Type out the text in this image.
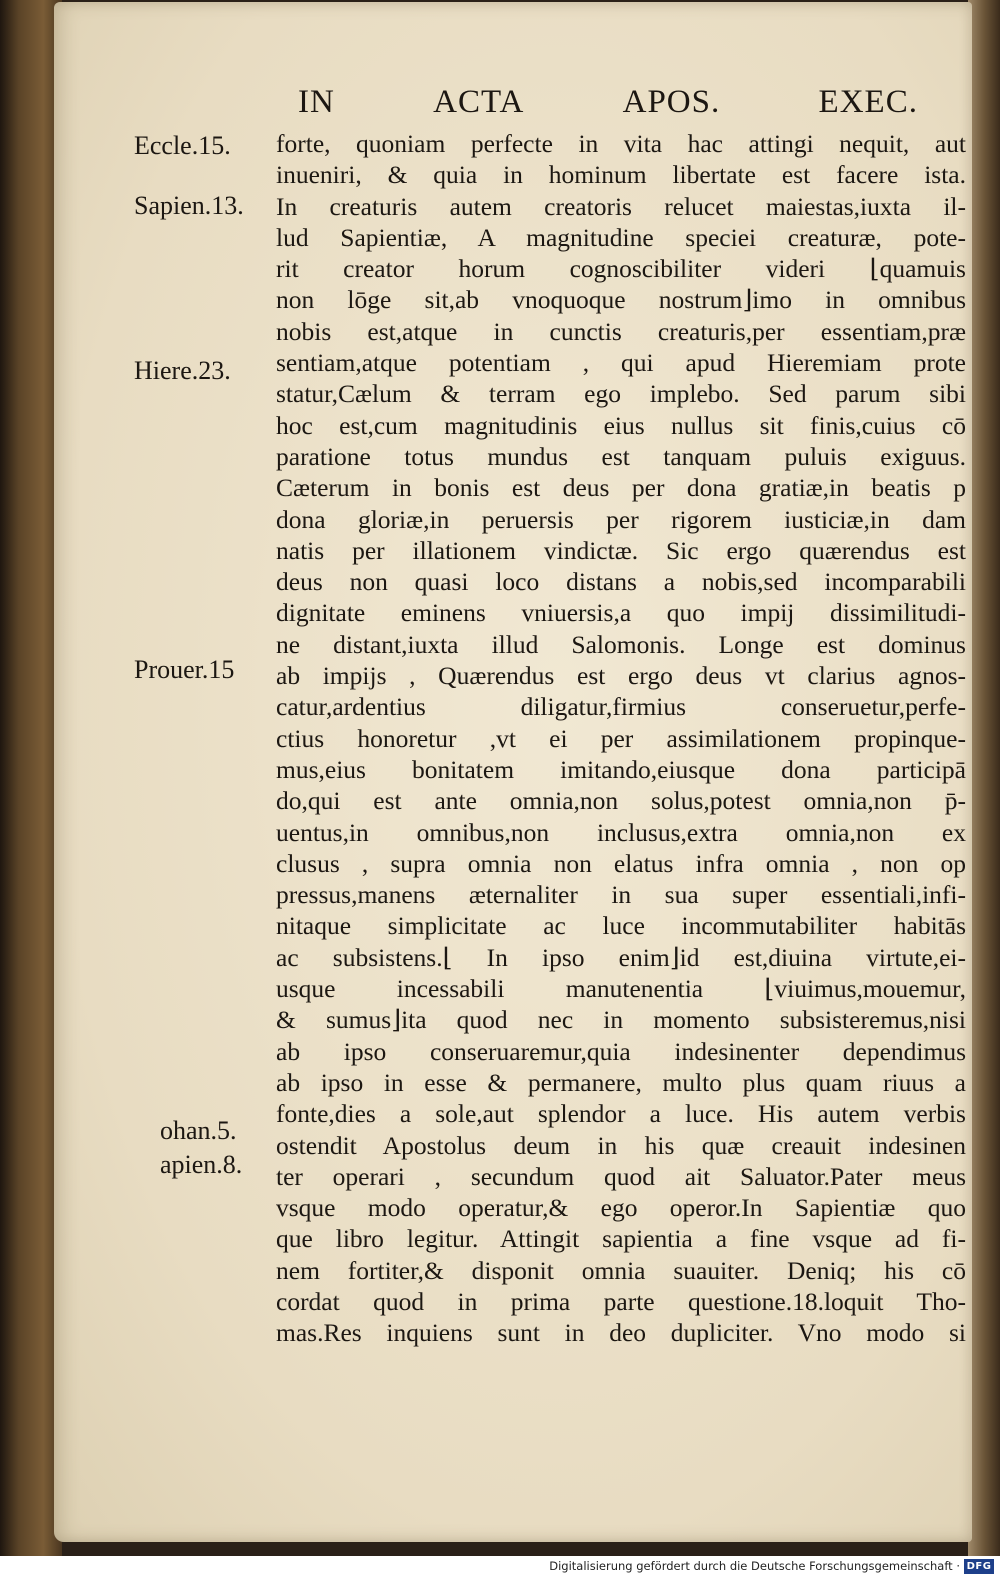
IN	ACTA	APOS.	EXEC.
Eccle.15.
Sapien.13.
Hiere.23.
Prouer.15
ohan.5.
apien.8.
forte, quoniam perfecte in vita hac attingi nequit, aut
inueniri, & quia in hominum libertate est facere ista.
In creaturis autem creatoris relucet maiestas,iuxta il-
lud Sapientiæ, A magnitudine speciei creaturæ, pote-
rit creator horum cognoscibiliter videri ⌊quamuis
non lōge sit,ab vnoquoque nostrum⌋imo in omnibus
nobis est,atque in cunctis creaturis,per essentiam,præ
sentiam,atque potentiam , qui apud Hieremiam prote
statur,Cælum & terram ego implebo. Sed parum sibi
hoc est,cum magnitudinis eius nullus sit finis,cuius cō
paratione totus mundus est tanquam puluis exiguus.
Cæterum in bonis est deus per dona gratiæ,in beatis p
dona gloriæ,in peruersis per rigorem iusticiæ,in dam
natis per illationem vindictæ. Sic ergo quærendus est
deus non quasi loco distans a nobis,sed incomparabili
dignitate eminens vniuersis,a quo impij dissimilitudi-
ne distant,iuxta illud Salomonis. Longe est dominus
ab impijs , Quærendus est ergo deus vt clarius agnos-
catur,ardentius diligatur,firmius conseruetur,perfe-
ctius honoretur ,vt ei per assimilationem propinque-
mus,eius bonitatem imitando,eiusque dona participā
do,qui est ante omnia,non solus,potest omnia,non p̄-
uentus,in omnibus,non inclusus,extra omnia,non ex
clusus , supra omnia non elatus infra omnia , non op
pressus,manens æternaliter in sua super essentiali,infi-
nitaque simplicitate ac luce incommutabiliter habitās
ac subsistens.⌊ In ipso enim⌋id est,diuina virtute,ei-
usque incessabili manutenentia ⌊viuimus,mouemur,
& sumus⌋ita quod nec in momento subsisteremus,nisi
ab ipso conseruaremur,quia indesinenter dependimus
ab ipso in esse & permanere, multo plus quam riuus a
fonte,dies a sole,aut splendor a luce. His autem verbis
ostendit Apostolus deum in his quæ creauit indesinen
ter operari , secundum quod ait Saluator.Pater meus
vsque modo operatur,& ego operor.In Sapientiæ quo
que libro legitur. Attingit sapientia a fine vsque ad fi-
nem fortiter,& disponit omnia suauiter. Deniq; his cō
cordat quod in prima parte questione.18.loquit Tho-
mas.Res inquiens sunt in deo dupliciter. Vno modo si
Digitalisierung gefördert durch die Deutsche Forschungsgemeinschaft · DFG
